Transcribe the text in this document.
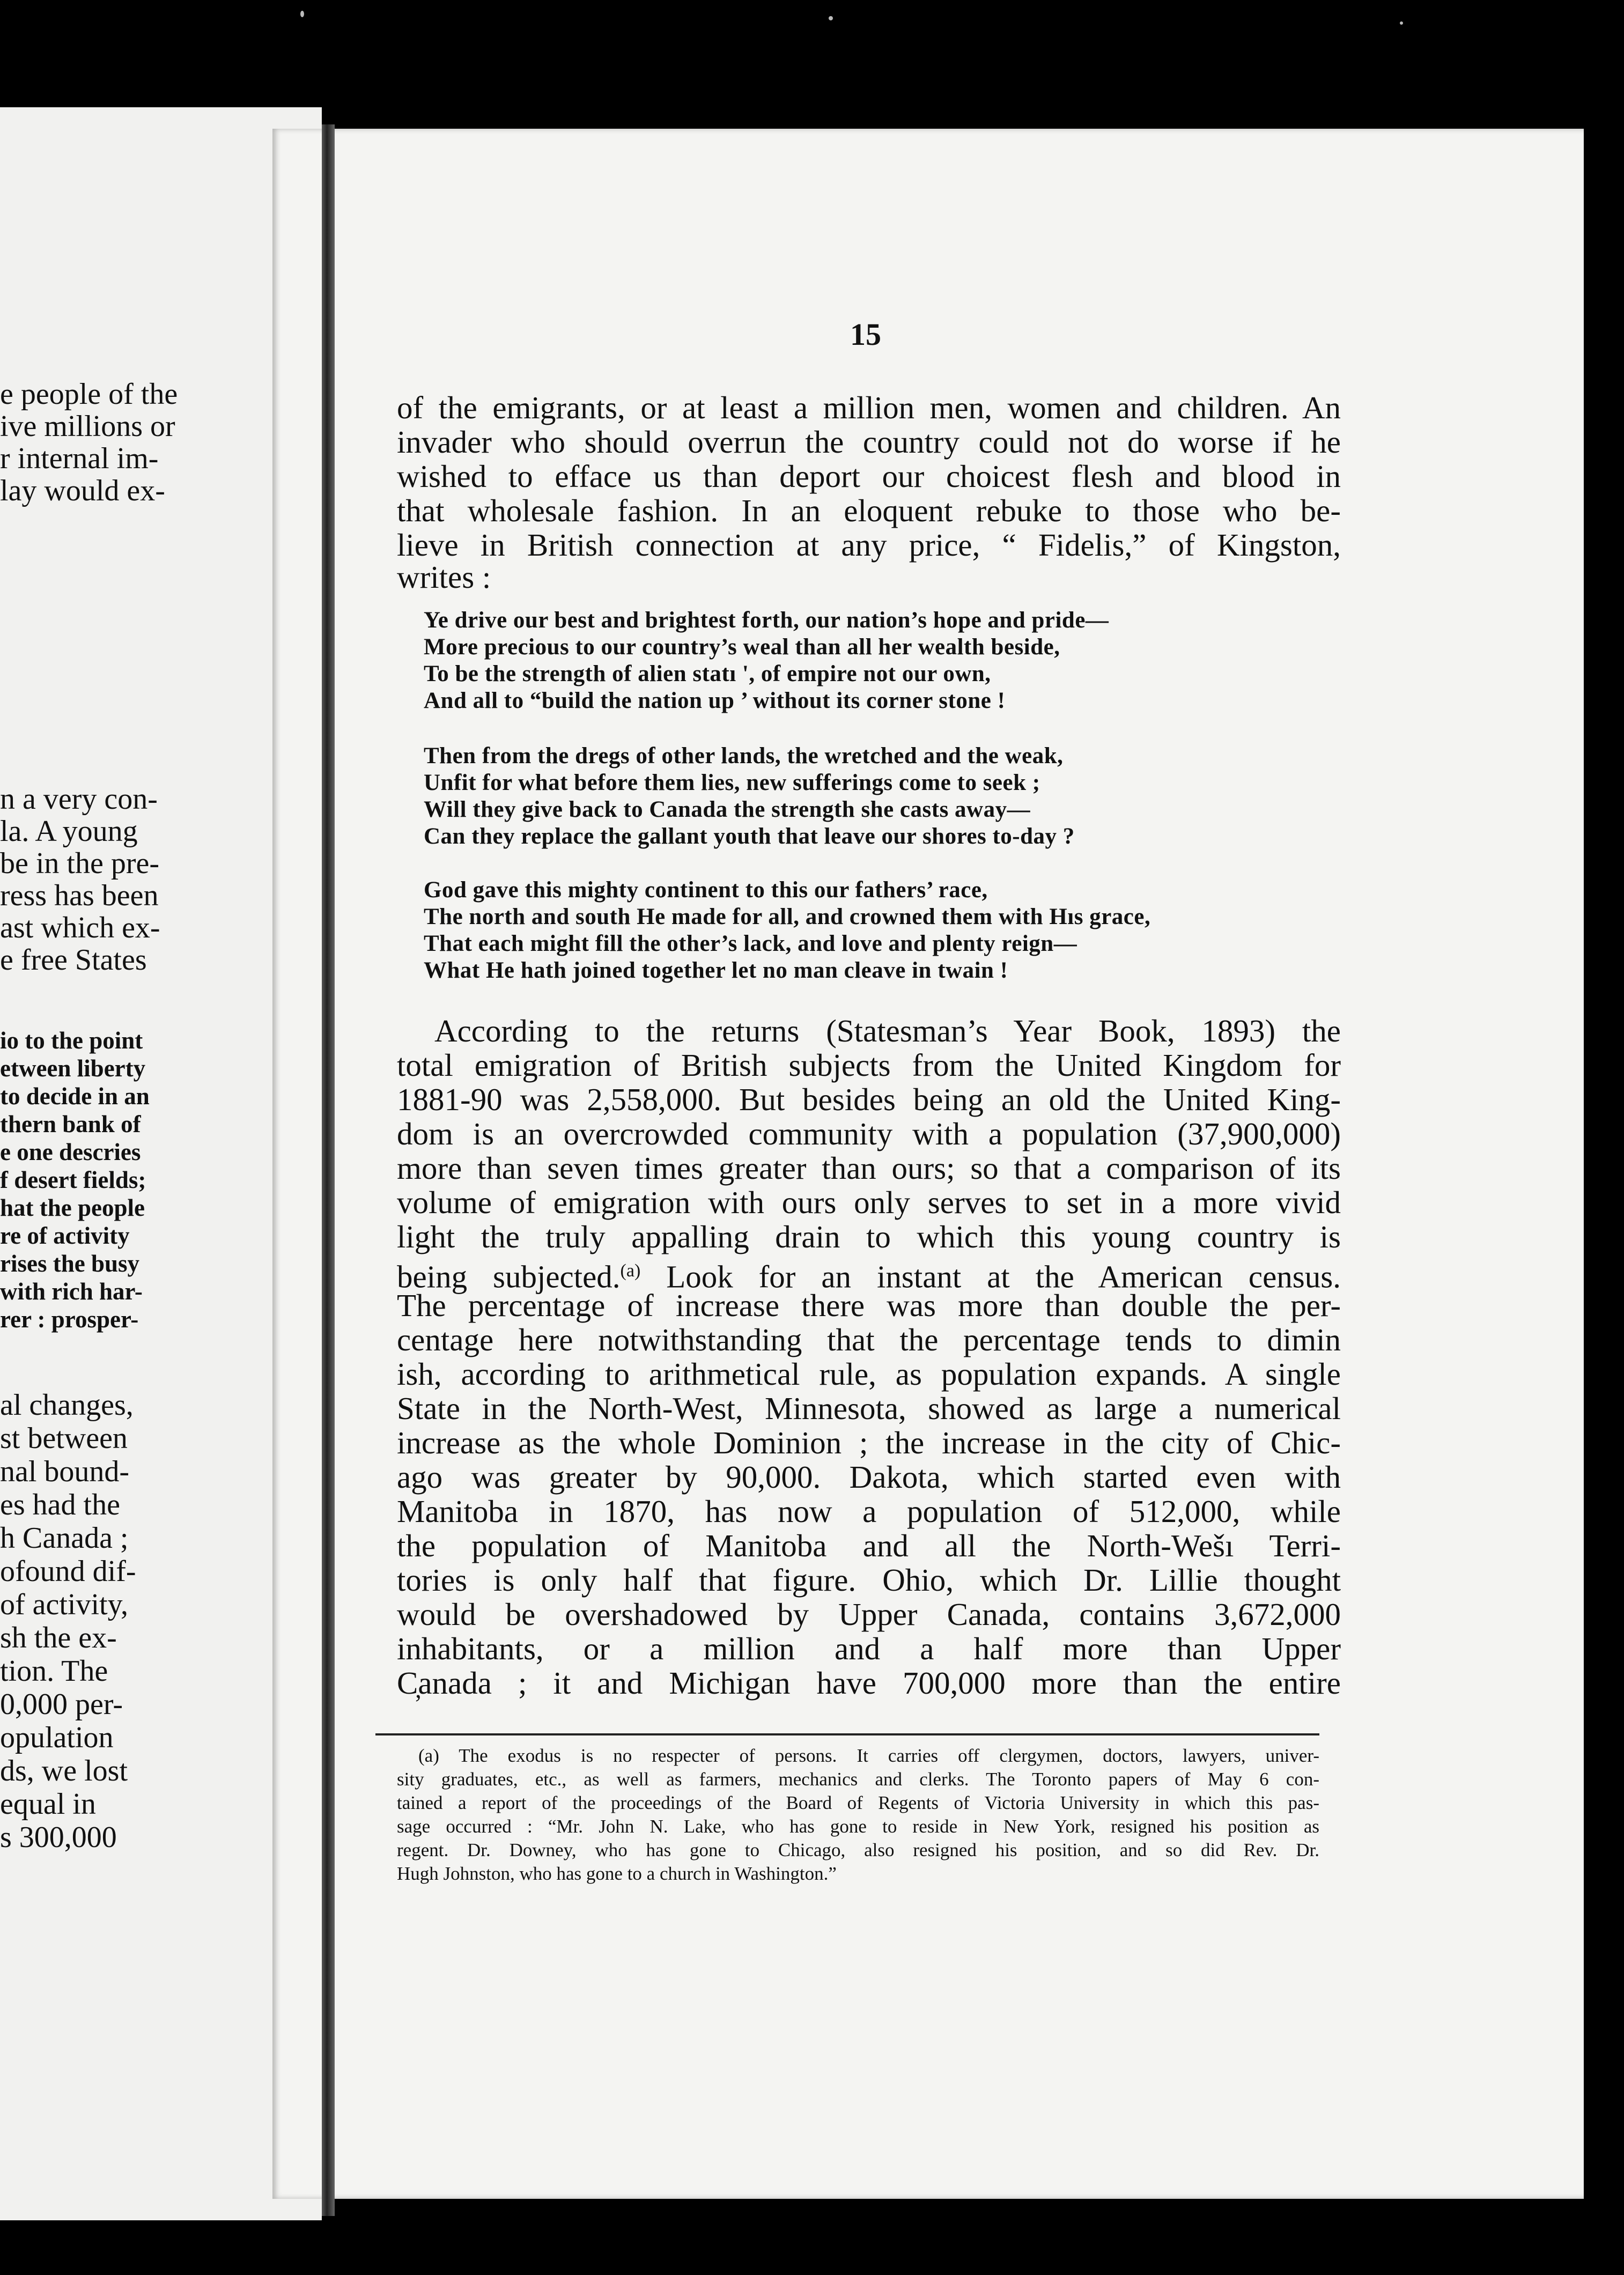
e people of the
ive millions or
r internal im-
lay would ex-
n a very con-
la. A young
be in the pre-
ress has been
ast which ex-
e free States
io to the point
etween liberty
to decide in an
thern bank of
e one descries
f desert fields;
hat the people
re of activity
rises the busy
with rich har-
rer : prosper-
al changes,
st between
nal bound-
es had the
h Canada ;
ofound dif-
of activity,
sh the ex-
tion. The
0,000 per-
opulation
ds, we lost
equal in
s 300,000
15
of the emigrants, or at least a million men, women and children. An
invader who should overrun the country could not do worse if he
wished to efface us than deport our choicest flesh and blood in
that wholesale fashion. In an eloquent rebuke to those who be-
lieve in British connection at any price, “ Fidelis,” of Kingston,
writes :
Ye drive our best and brightest forth, our nation’s hope and pride—
More precious to our country’s weal than all her wealth beside,
To be the strength of alien statı ', of empire not our own,
And all to “build the nation up ’ without its corner stone !
Then from the dregs of other lands, the wretched and the weak,
Unfit for what before them lies, new sufferings come to seek ;
Will they give back to Canada the strength she casts away—
Can they replace the gallant youth that leave our shores to-day ?
God gave this mighty continent to this our fathers’ race,
The north and south He made for all, and crowned them with Hıs grace,
That each might fill the other’s lack, and love and plenty reign—
What He hath joined together let no man cleave in twain !
According to the returns (Statesman’s Year Book, 1893) the
total emigration of British subjects from the United Kingdom for
1881-90 was 2,558,000. But besides being an old the United King-
dom is an overcrowded community with a population (37,900,000)
more than seven times greater than ours; so that a comparison of its
volume of emigration with ours only serves to set in a more vivid
light the truly appalling drain to which this young country is
being subjected.$^{(a)}$ Look for an instant at the American census.
The percentage of increase there was more than double the per-
centage here notwithstanding that the percentage tends to dimin
ish, according to arithmetical rule, as population expands. A single
State in the North-West, Minnesota, showed as large a numerical
increase as the whole Dominion ; the increase in the city of Chic-
ago was greater by 90,000. Dakota, which started even with
Manitoba in 1870, has now a population of 512,000, while
the population of Manitoba and all the North-Wešı Terri-
tories is only half that figure. Ohio, which Dr. Lillie thought
would be overshadowed by Upper Canada, contains 3,672,000
inhabitants, or a million and a half more than Upper
C̦anada ; it and Michigan have 700,000 more than the entire
(a) The exodus is no respecter of persons. It carries off clergymen, doctors, lawyers, univer-
sity graduates, etc., as well as farmers, mechanics and clerks. The Toronto papers of May 6 con-
tained a report of the proceedings of the Board of Regents of Victoria University in which this pas-
sage occurred : “Mr. John N. Lake, who has gone to reside in New York, resigned his position as
regent. Dr. Downey, who has gone to Chicago, also resigned his position, and so did Rev. Dr.
Hugh Johnston, who has gone to a church in Washington.”
